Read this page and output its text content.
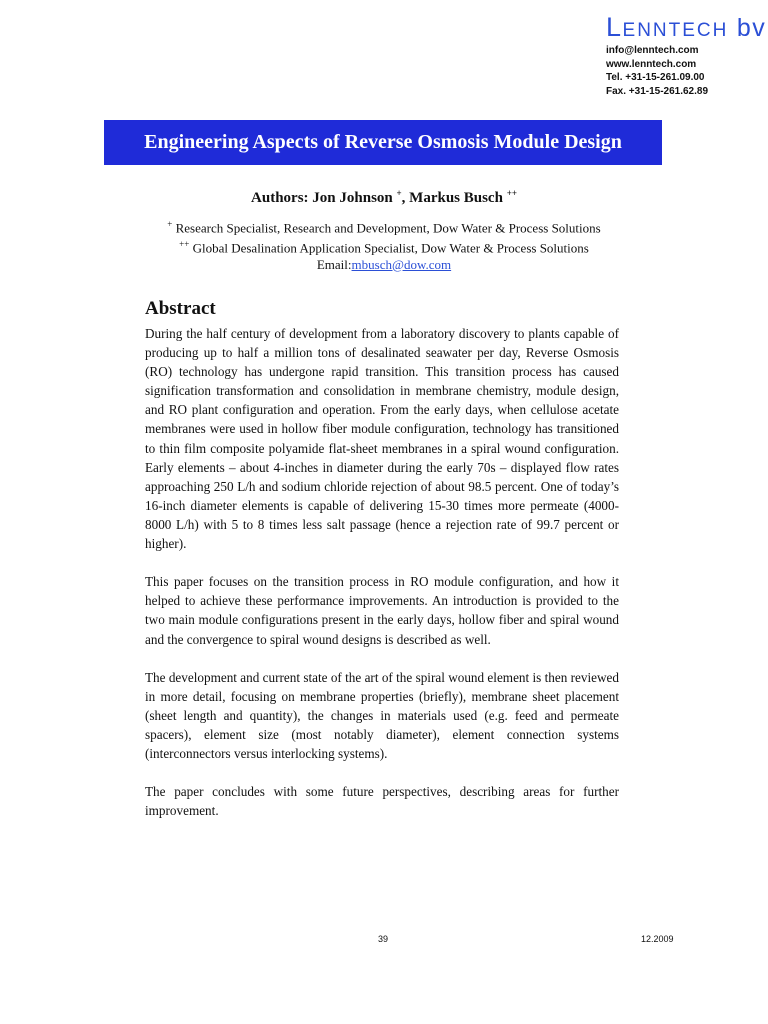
LENNTECH bv
info@lenntech.com
www.lenntech.com
Tel. +31-15-261.09.00
Fax. +31-15-261.62.89
Engineering Aspects of Reverse Osmosis Module Design
Authors: Jon Johnson +, Markus Busch ++
+ Research Specialist, Research and Development, Dow Water & Process Solutions
++ Global Desalination Application Specialist, Dow Water & Process Solutions
Email:mbusch@dow.com
Abstract

During the half century of development from a laboratory discovery to plants capable of producing up to half a million tons of desalinated seawater per day, Reverse Osmosis (RO) technology has undergone rapid transition. This transition process has caused signification transformation and consolidation in membrane chemistry, module design, and RO plant configuration and operation. From the early days, when cellulose acetate membranes were used in hollow fiber module configuration, technology has transitioned to thin film composite polyamide flat-sheet membranes in a spiral wound configuration. Early elements – about 4-inches in diameter during the early 70s – displayed flow rates approaching 250 L/h and sodium chloride rejection of about 98.5 percent. One of today’s 16-inch diameter elements is capable of delivering 15-30 times more permeate (4000-8000 L/h) with 5 to 8 times less salt passage (hence a rejection rate of 99.7 percent or higher).

This paper focuses on the transition process in RO module configuration, and how it helped to achieve these performance improvements. An introduction is provided to the two main module configurations present in the early days, hollow fiber and spiral wound and the convergence to spiral wound designs is described as well.

The development and current state of the art of the spiral wound element is then reviewed in more detail, focusing on membrane properties (briefly), membrane sheet placement (sheet length and quantity), the changes in materials used (e.g. feed and permeate spacers), element size (most notably diameter), element connection systems (interconnectors versus interlocking systems).

The paper concludes with some future perspectives, describing areas for further improvement.

39	12.2009
